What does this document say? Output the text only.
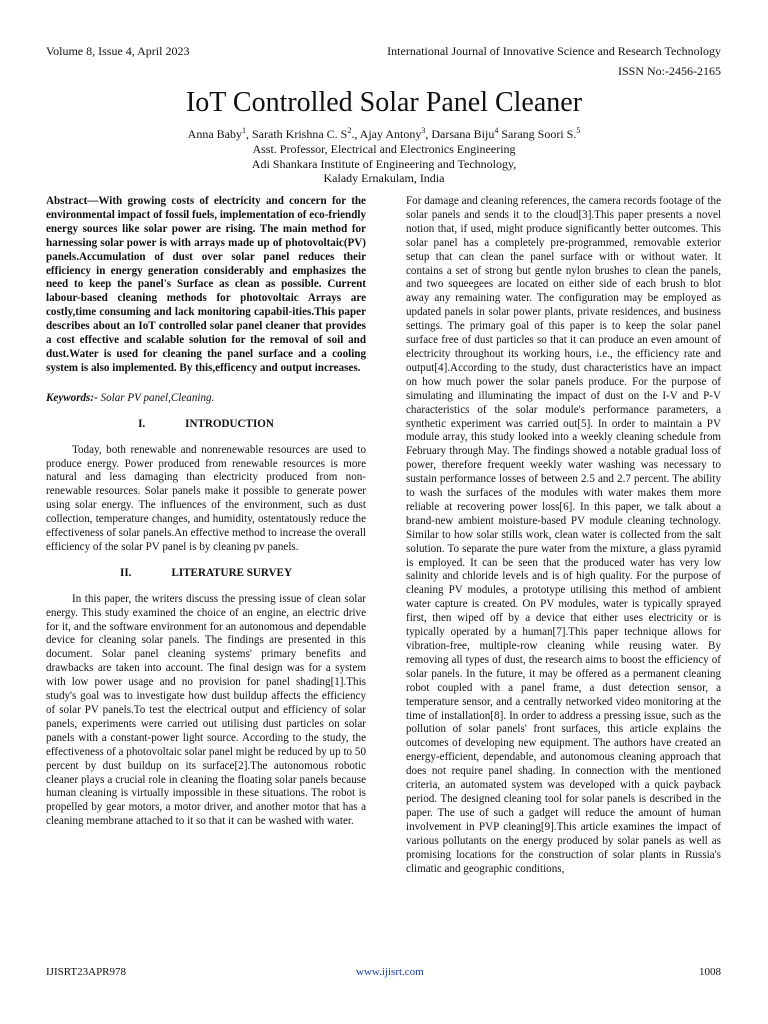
Volume 8, Issue 4, April 2023	International Journal of Innovative Science and Research Technology
ISSN No:-2456-2165
IoT Controlled Solar Panel Cleaner
Anna Baby$^1$, Sarath Krishna C. $S^2$., Ajay Antony$^3$, Darsana Biju$^4$ Sarang Soori S.$^5$
Asst. Professor, Electrical and Electronics Engineering
Adi Shankara Institute of Engineering and Technology,
Kalady Ernakulam, India

Abstract—With growing costs of electricity and concern for the environmental impact of fossil fuels, implementation of eco-friendly energy sources like solar power are rising. The main method for harnessing solar power is with arrays made up of photovoltaic(PV) panels.Accumulation of dust over solar panel reduces their efficiency in energy generation considerably and emphasizes the need to keep the panel's Surface as clean as possible. Current labour-based cleaning methods for photovoltaic Arrays are costly,time consuming and lack monitoring capabil-ities.This paper describes about an IoT controlled solar panel cleaner that provides a cost effective and scalable solution for the removal of soil and dust.Water is used for cleaning the panel surface and a cooling system is also implemented. By this,efficency and output increases.

Keywords:- Solar PV panel,Cleaning.

I.	INTRODUCTION

Today, both renewable and nonrenewable resources are used to produce energy. Power produced from renewable resources is more natural and less damaging than electricity produced from non-renewable resources. Solar panels make it possible to generate power using solar energy. The influences of the environment, such as dust collection, temperature changes, and humidity, ostentatously reduce the effectiveness of solar panels.An effective method to increase the overall efficiency of the solar PV panel is by cleaning pv panels.

II.	LITERATURE SURVEY

In this paper, the writers discuss the pressing issue of clean solar energy. This study examined the choice of an engine, an electric drive for it, and the software environment for an autonomous and dependable device for cleaning solar panels. The findings are presented in this document. Solar panel cleaning systems' primary benefits and drawbacks are taken into account. The final design was for a system with low power usage and no provision for panel shading[1].This study's goal was to investigate how dust buildup affects the efficiency of solar PV panels.To test the electrical output and efficiency of solar panels, experiments were carried out utilising dust particles on solar panels with a constant-power light source. According to the study, the effectiveness of a photovoltaic solar panel might be reduced by up to 50 percent by dust buildup on its surface[2].The autonomous robotic cleaner plays a crucial role in cleaning the floating solar panels because human cleaning is virtually impossible in these situations. The robot is propelled by gear motors, a motor driver, and another motor that has a cleaning membrane attached to it so that it can be washed with water.

For damage and cleaning references, the camera records footage of the solar panels and sends it to the cloud[3].This paper presents a novel notion that, if used, might produce significantly better outcomes. This solar panel has a completely pre-programmed, removable exterior setup that can clean the panel surface with or without water. It contains a set of strong but gentle nylon brushes to clean the panels, and two squeegees are located on either side of each brush to blot away any remaining water. The configuration may be employed as updated panels in solar power plants, private residences, and business settings. The primary goal of this paper is to keep the solar panel surface free of dust particles so that it can produce an even amount of electricity throughout its working hours, i.e., the efficiency rate and output[4].According to the study, dust characteristics have an impact on how much power the solar panels produce. For the purpose of simulating and illuminating the impact of dust on the I-V and P-V characteristics of the solar module's performance parameters, a synthetic experiment was carried out[5]. In order to maintain a PV module array, this study looked into a weekly cleaning schedule from February through May. The findings showed a notable gradual loss of power, therefore frequent weekly water washing was necessary to sustain performance losses of between 2.5 and 2.7 percent. The ability to wash the surfaces of the modules with water makes them more reliable at recovering power loss[6]. In this paper, we talk about a brand-new ambient moisture-based PV module cleaning technology. Similar to how solar stills work, clean water is collected from the salt solution. To separate the pure water from the mixture, a glass pyramid is employed. It can be seen that the produced water has very low salinity and chloride levels and is of high quality. For the purpose of cleaning PV modules, a prototype utilising this method of ambient water capture is created. On PV modules, water is typically sprayed first, then wiped off by a device that either uses electricity or is typically operated by a human[7].This paper technique allows for vibration-free, multiple-row cleaning while reusing water. By removing all types of dust, the research aims to boost the efficiency of solar panels. In the future, it may be offered as a permanent cleaning robot coupled with a panel frame, a dust detection sensor, a temperature sensor, and a centrally networked video monitoring at the time of installation[8]. In order to address a pressing issue, such as the pollution of solar panels' front surfaces, this article explains the outcomes of developing new equipment. The authors have created an energy-efficient, dependable, and autonomous cleaning approach that does not require panel shading. In connection with the mentioned criteria, an automated system was developed with a quick payback period. The designed cleaning tool for solar panels is described in the paper. The use of such a gadget will reduce the amount of human involvement in PVP cleaning[9].This article examines the impact of various pollutants on the energy produced by solar panels as well as promising locations for the construction of solar plants in Russia's climatic and geographic conditions,

IJISRT23APR978	www.ijisrt.com	1008
